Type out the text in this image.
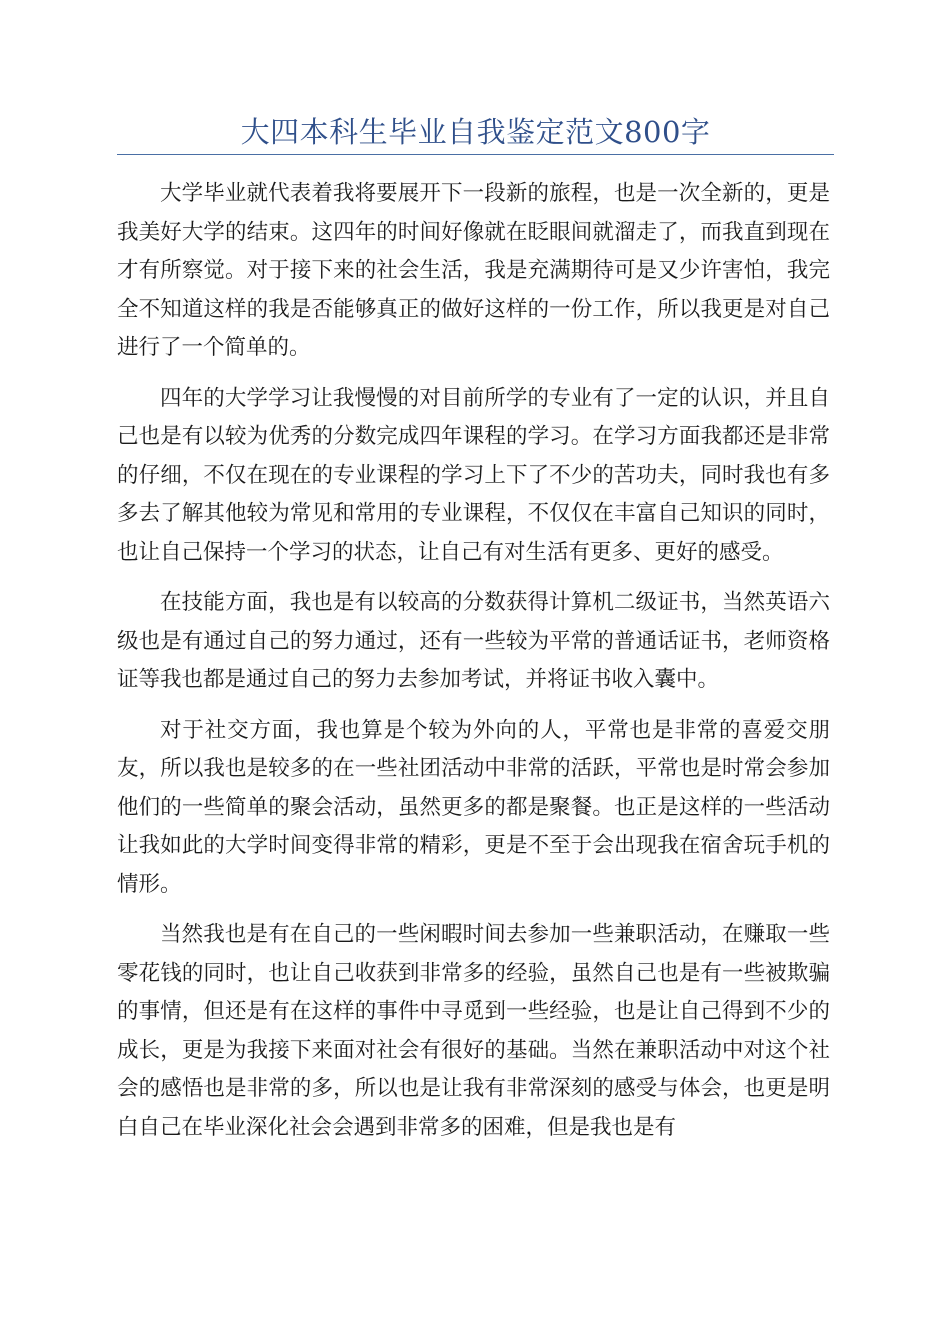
大四本科生毕业自我鉴定范文800字

大学毕业就代表着我将要展开下一段新的旅程，也是一次全新的，更是我美好大学的结束。这四年的时间好像就在眨眼间就溜走了，而我直到现在才有所察觉。对于接下来的社会生活，我是充满期待可是又少许害怕，我完全不知道这样的我是否能够真正的做好这样的一份工作，所以我更是对自己进行了一个简单的。

四年的大学学习让我慢慢的对目前所学的专业有了一定的认识，并且自己也是有以较为优秀的分数完成四年课程的学习。在学习方面我都还是非常的仔细，不仅在现在的专业课程的学习上下了不少的苦功夫，同时我也有多多去了解其他较为常见和常用的专业课程，不仅仅在丰富自己知识的同时，也让自己保持一个学习的状态，让自己有对生活有更多、更好的感受。

在技能方面，我也是有以较高的分数获得计算机二级证书，当然英语六级也是有通过自己的努力通过，还有一些较为平常的普通话证书，老师资格证等我也都是通过自己的努力去参加考试，并将证书收入囊中。

对于社交方面，我也算是个较为外向的人，平常也是非常的喜爱交朋友，所以我也是较多的在一些社团活动中非常的活跃，平常也是时常会参加他们的一些简单的聚会活动，虽然更多的都是聚餐。也正是这样的一些活动让我如此的大学时间变得非常的精彩，更是不至于会出现我在宿舍玩手机的情形。

当然我也是有在自己的一些闲暇时间去参加一些兼职活动，在赚取一些零花钱的同时，也让自己收获到非常多的经验，虽然自己也是有一些被欺骗的事情，但还是有在这样的事件中寻觅到一些经验，也是让自己得到不少的成长，更是为我接下来面对社会有很好的基础。当然在兼职活动中对这个社会的感悟也是非常的多，所以也是让我有非常深刻的感受与体会，也更是明白自己在毕业深化社会会遇到非常多的困难，但是我也是有
